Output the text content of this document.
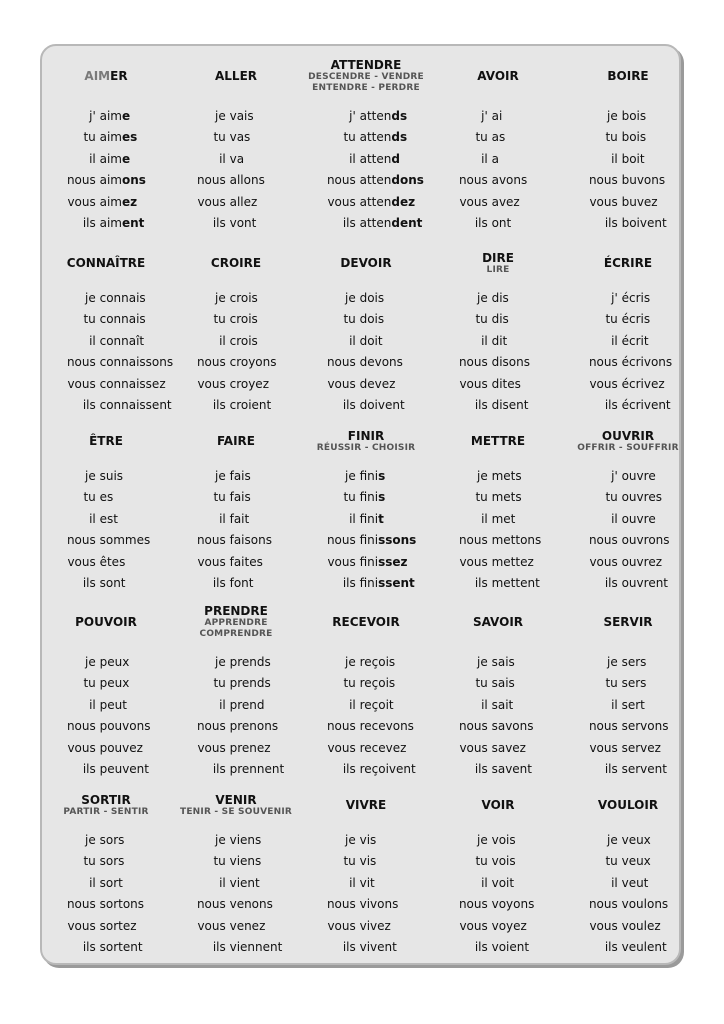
AIMER
j' aime
tu aimes
il aime
nous aimons
vous aimez
ils aiment
ALLER
je vais
tu vas
il va
nous allons
vous allez
ils vont
ATTENDRE
DESCENDRE - VENDRE
ENTENDRE - PERDRE
j' attends
tu attends
il attend
nous attendons
vous attendez
ils attendent
AVOIR
j' ai
tu as
il a
nous avons
vous avez
ils ont
BOIRE
je bois
tu bois
il boit
nous buvons
vous buvez
ils boivent
CONNAÎTRE
je connais
tu connais
il connaît
nous connaissons
vous connaissez
ils connaissent
CROIRE
je crois
tu crois
il crois
nous croyons
vous croyez
ils croient
DEVOIR
je dois
tu dois
il doit
nous devons
vous devez
ils doivent
DIRE
LIRE
je dis
tu dis
il dit
nous disons
vous dites
ils disent
ÉCRIRE
j' écris
tu écris
il écrit
nous écrivons
vous écrivez
ils écrivent
ÊTRE
je suis
tu es
il est
nous sommes
vous êtes
ils sont
FAIRE
je fais
tu fais
il fait
nous faisons
vous faites
ils font
FINIR
RÉUSSIR - CHOISIR
je finis
tu finis
il finit
nous finissons
vous finissez
ils finissent
METTRE
je mets
tu mets
il met
nous mettons
vous mettez
ils mettent
OUVRIR
OFFRIR - SOUFFRIR
j' ouvre
tu ouvres
il ouvre
nous ouvrons
vous ouvrez
ils ouvrent
POUVOIR
je peux
tu peux
il peut
nous pouvons
vous pouvez
ils peuvent
PRENDRE
APPRENDRE
COMPRENDRE
je prends
tu prends
il prend
nous prenons
vous prenez
ils prennent
RECEVOIR
je reçois
tu reçois
il reçoit
nous recevons
vous recevez
ils reçoivent
SAVOIR
je sais
tu sais
il sait
nous savons
vous savez
ils savent
SERVIR
je sers
tu sers
il sert
nous servons
vous servez
ils servent
SORTIR
PARTIR - SENTIR
je sors
tu sors
il sort
nous sortons
vous sortez
ils sortent
VENIR
TENIR - SE SOUVENIR
je viens
tu viens
il vient
nous venons
vous venez
ils viennent
VIVRE
je vis
tu vis
il vit
nous vivons
vous vivez
ils vivent
VOIR
je vois
tu vois
il voit
nous voyons
vous voyez
ils voient
VOULOIR
je veux
tu veux
il veut
nous voulons
vous voulez
ils veulent
